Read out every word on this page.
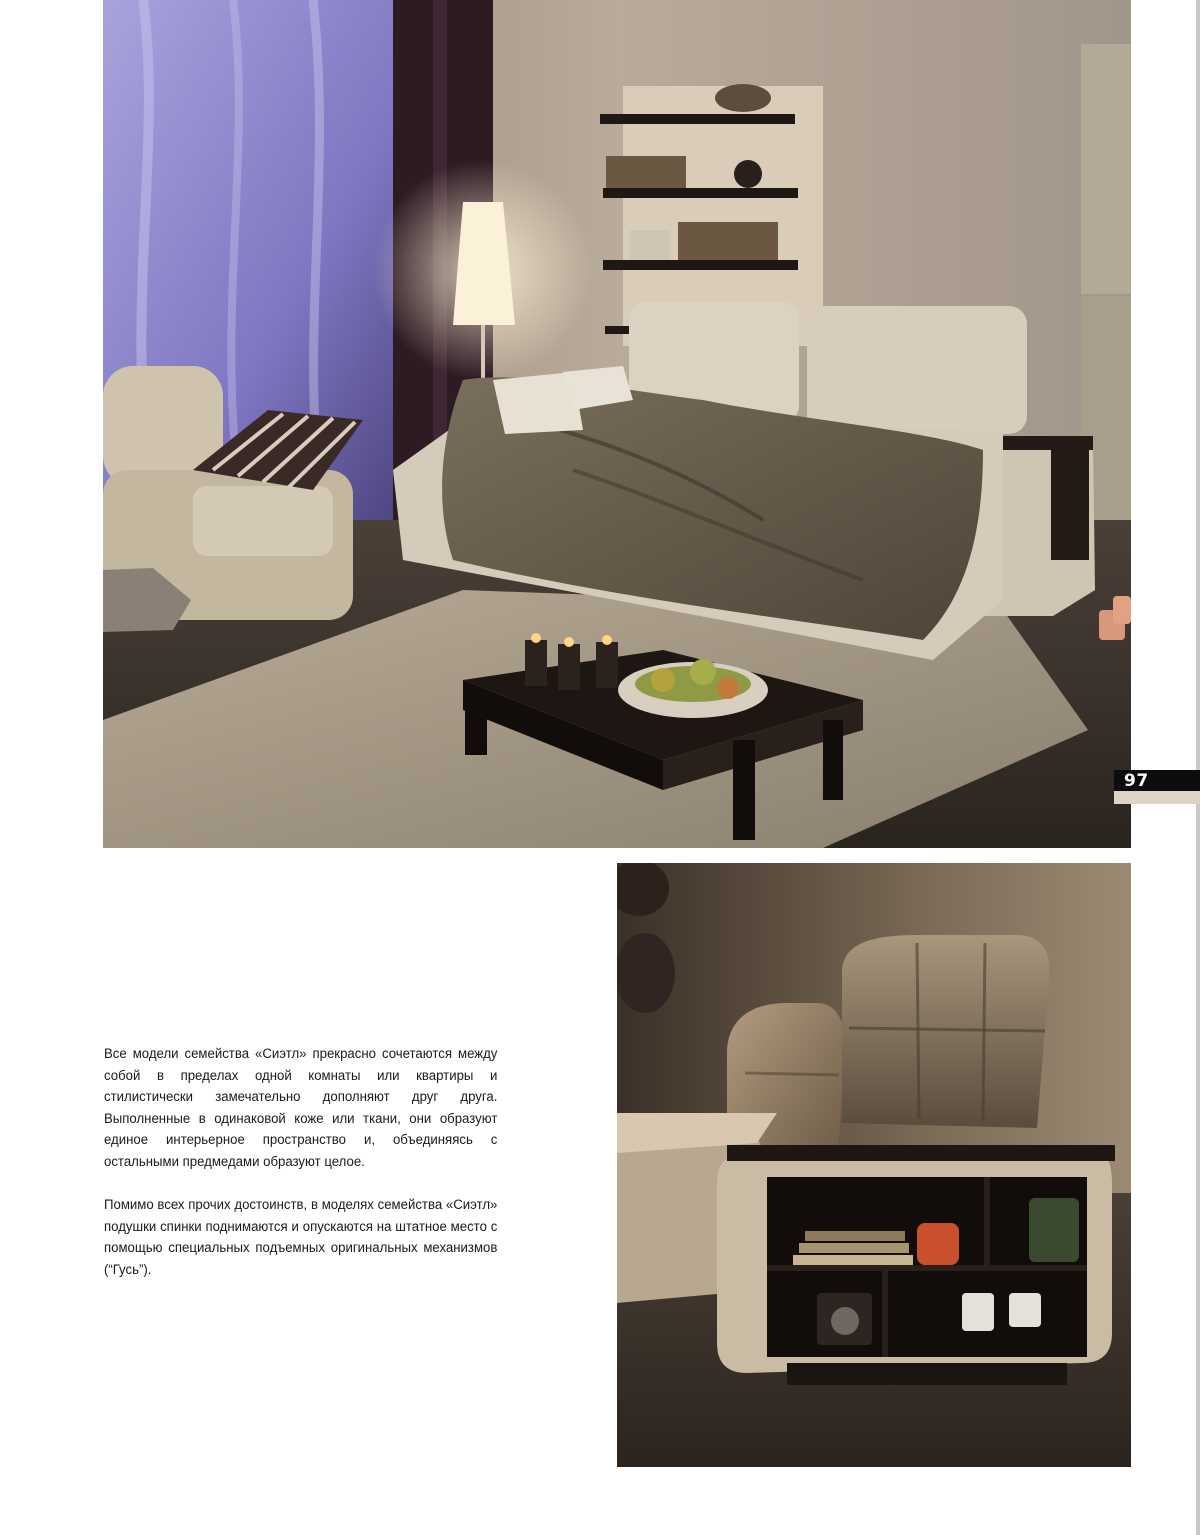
97

Все модели семейства «Сиэтл» прекрасно сочетаются между собой в пределах одной комнаты или квартиры и стилистически замечательно дополняют друг друга. Выполненные в одинаковой коже или ткани, они образуют единое интерьерное пространство и, объединяясь с остальными предмедами образуют целое.

Помимо всех прочих достоинств, в моделях семейства «Сиэтл» подушки спинки поднимаются и опускаются на штатное место с помощью специальных подъемных оригинальных механизмов (“Гусь”).
